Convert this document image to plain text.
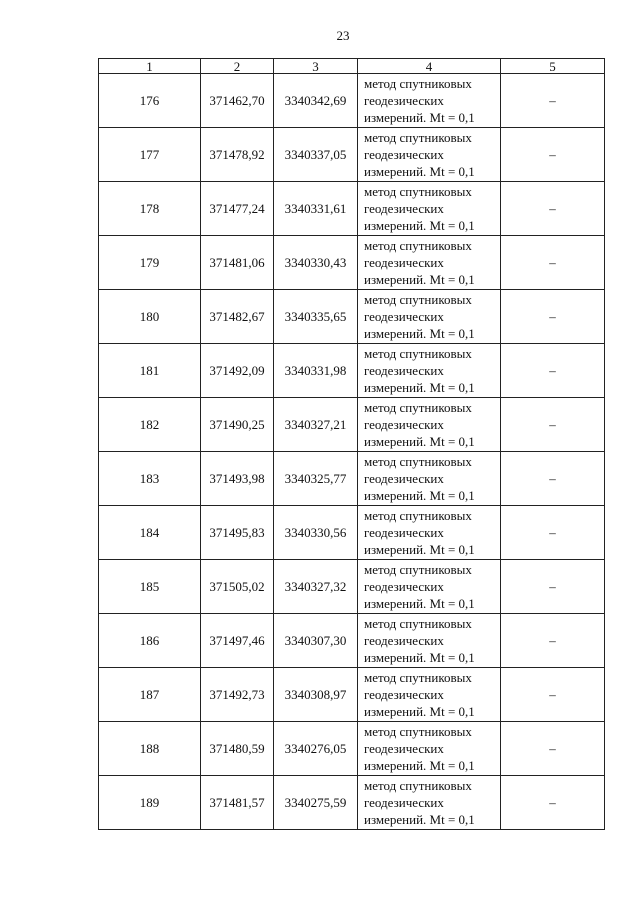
23
1	2	3	4	5
176	371462,70	3340342,69	метод спутниковых
геодезических
измерений. Mt = 0,1	–
177	371478,92	3340337,05	метод спутниковых
геодезических
измерений. Mt = 0,1	–
178	371477,24	3340331,61	метод спутниковых
геодезических
измерений. Mt = 0,1	–
179	371481,06	3340330,43	метод спутниковых
геодезических
измерений. Mt = 0,1	–
180	371482,67	3340335,65	метод спутниковых
геодезических
измерений. Mt = 0,1	–
181	371492,09	3340331,98	метод спутниковых
геодезических
измерений. Mt = 0,1	–
182	371490,25	3340327,21	метод спутниковых
геодезических
измерений. Mt = 0,1	–
183	371493,98	3340325,77	метод спутниковых
геодезических
измерений. Mt = 0,1	–
184	371495,83	3340330,56	метод спутниковых
геодезических
измерений. Mt = 0,1	–
185	371505,02	3340327,32	метод спутниковых
геодезических
измерений. Mt = 0,1	–
186	371497,46	3340307,30	метод спутниковых
геодезических
измерений. Mt = 0,1	–
187	371492,73	3340308,97	метод спутниковых
геодезических
измерений. Mt = 0,1	–
188	371480,59	3340276,05	метод спутниковых
геодезических
измерений. Mt = 0,1	–
189	371481,57	3340275,59	метод спутниковых
геодезических
измерений. Mt = 0,1	–
